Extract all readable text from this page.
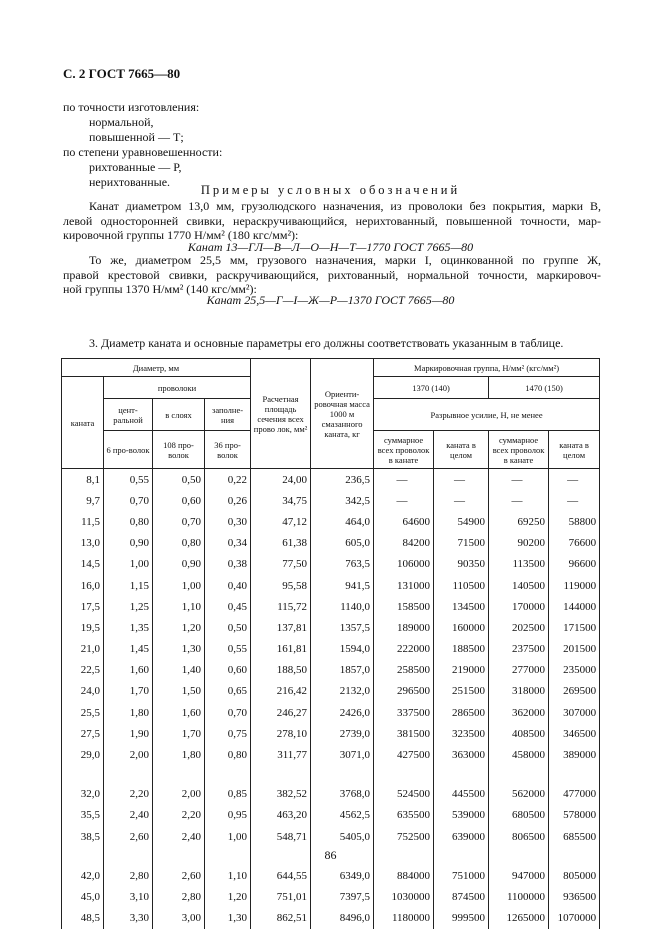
С. 2 ГОСТ 7665—80
по точности изготовления:
нормальной,
повышенной — Т;
по степени уравновешенности:
рихтованные — Р,
нерихтованные.
Примеры условных обозначений
Канат диаметром 13,0 мм, грузолюдского назначения, из проволоки без покрытия, марки В,
левой односторонней свивки, нераскручивающийся, нерихтованный, повышенной точности, мар-
кировочной группы 1770 Н/мм² (180 кгс/мм²):
Канат 13—ГЛ—В—Л—О—Н—Т—1770 ГОСТ 7665—80
То же, диаметром 25,5 мм, грузового назначения, марки I, оцинкованной по группе Ж,
правой крестовой свивки, раскручивающийся, рихтованный, нормальной точности, маркировоч-
ной группы 1370 Н/мм² (140 кгс/мм²):
Канат 25,5—Г—I—Ж—Р—1370 ГОСТ 7665—80
3. Диаметр каната и основные параметры его должны соответствовать указанным в таблице.
Диаметр, мм				Расчетная площадь сечения всех прово лок, мм²	Ориенти-ровочная масса 1000 м смазанного каната, кг	Маркировочная группа, Н/мм² (кгс/мм²)			
каната	проволоки					1370 (140)		1470 (150)	
	цент-ральной	в слоях	заполне-ния			Разрывное усилие, Н, не менее			
	6 про-волок	108 про-волок	36 про-волок			суммарное всех проволок в канате	каната в целом	суммарное всех проволок в канате	каната в целом
8,1	0,55	0,50	0,22	24,00	236,5	—	—	—	—
9,7	0,70	0,60	0,26	34,75	342,5	—	—	—	—
11,5	0,80	0,70	0,30	47,12	464,0	64600	54900	69250	58800
13,0	0,90	0,80	0,34	61,38	605,0	84200	71500	90200	76600
14,5	1,00	0,90	0,38	77,50	763,5	106000	90350	113500	96600
16,0	1,15	1,00	0,40	95,58	941,5	131000	110500	140500	119000
17,5	1,25	1,10	0,45	115,72	1140,0	158500	134500	170000	144000
19,5	1,35	1,20	0,50	137,81	1357,5	189000	160000	202500	171500
21,0	1,45	1,30	0,55	161,81	1594,0	222000	188500	237500	201500
22,5	1,60	1,40	0,60	188,50	1857,0	258500	219000	277000	235000
24,0	1,70	1,50	0,65	216,42	2132,0	296500	251500	318000	269500
25,5	1,80	1,60	0,70	246,27	2426,0	337500	286500	362000	307000
27,5	1,90	1,70	0,75	278,10	2739,0	381500	323500	408500	346500
29,0	2,00	1,80	0,80	311,77	3071,0	427500	363000	458000	389000

32,0	2,20	2,00	0,85	382,52	3768,0	524500	445500	562000	477000
35,5	2,40	2,20	0,95	463,20	4562,5	635500	539000	680500	578000
38,5	2,60	2,40	1,00	548,71	5405,0	752500	639000	806500	685500

42,0	2,80	2,60	1,10	644,55	6349,0	884000	751000	947000	805000
45,0	3,10	2,80	1,20	751,01	7397,5	1030000	874500	1100000	936500
48,5	3,30	3,00	1,30	862,51	8496,0	1180000	999500	1265000	1070000
86
